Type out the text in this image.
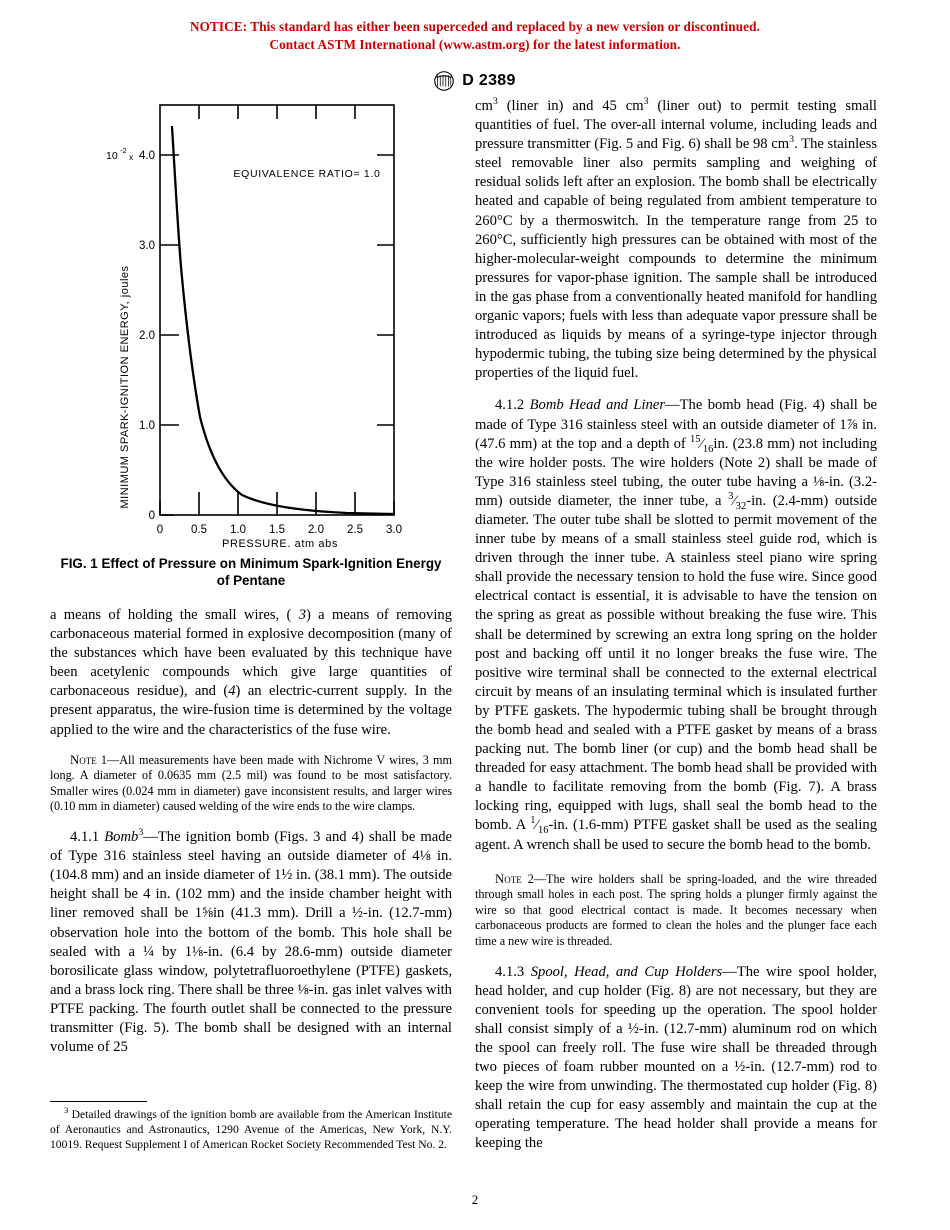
NOTICE: This standard has either been superceded and replaced by a new version or discontinued.
Contact ASTM International (www.astm.org) for the latest information.
D 2389
0
1.0
2.0
3.0
4.0
10 -2
x
0 0.5 1.0 1.5 2.0 2.5 3.0
PRESSURE, atm abs
MINIMUM SPARK-IGNITION ENERGY, joules
EQUIVALENCE RATIO= 1.0
FIG. 1 Effect of Pressure on Minimum Spark-Ignition Energy of Pentane

a means of holding the small wires, ( 3) a means of removing carbonaceous material formed in explosive decomposition (many of the substances which have been evaluated by this technique have been acetylenic compounds which give large quantities of carbonaceous residue), and (4) an electric-current supply. In the present apparatus, the wire-fusion time is determined by the voltage applied to the wire and the characteristics of the fuse wire.

Note 1—All measurements have been made with Nichrome V wires, 3 mm long. A diameter of 0.0635 mm (2.5 mil) was found to be most satisfactory. Smaller wires (0.024 mm in diameter) gave inconsistent results, and larger wires (0.10 mm in diameter) caused welding of the wire ends to the wire clamps.

4.1.1 Bomb$^3$—The ignition bomb (Figs. 3 and 4) shall be made of Type 316 stainless steel having an outside diameter of 4⅛ in. (104.8 mm) and an inside diameter of 1½ in. (38.1 mm). The outside height shall be 4 in. (102 mm) and the inside chamber height with liner removed shall be 1⅝in (41.3 mm). Drill a ½-in. (12.7-mm) observation hole into the bottom of the bomb. This hole shall be sealed with a ¼ by 1⅛-in. (6.4 by 28.6-mm) outside diameter borosilicate glass window, polytetrafluoroethylene (PTFE) gaskets, and a brass lock ring. There shall be three ⅛-in. gas inlet valves with PTFE packing. The fourth outlet shall be connected to the pressure transmitter (Fig. 5). The bomb shall be designed with an internal volume of 25

$^3$ Detailed drawings of the ignition bomb are available from the American Institute of Aeronautics and Astronautics, 1290 Avenue of the Americas, New York, N.Y. 10019. Request Supplement I of American Rocket Society Recommended Test No. 2.

$cm^3$ (liner in) and 45 $cm^3$ (liner out) to permit testing small quantities of fuel. The over-all internal volume, including leads and pressure transmitter (Fig. 5 and Fig. 6) shall be 98 $cm^3$. The stainless steel removable liner also permits sampling and weighing of residual solids left after an explosion. The bomb shall be electrically heated and capable of being regulated from ambient temperature to 260°C by a thermoswitch. In the temperature range from 25 to 260°C, sufficiently high pressures can be obtained with most of the higher-molecular-weight compounds to determine the minimum pressures for vapor-phase ignition. The sample shall be introduced in the gas phase from a conventionally heated manifold for handling organic vapors; fuels with less than adequate vapor pressure shall be introduced as liquids by means of a syringe-type injector through hypodermic tubing, the tubing size being determined by the physical properties of the liquid fuel.

4.1.2 Bomb Head and Liner—The bomb head (Fig. 4) shall be made of Type 316 stainless steel with an outside diameter of 1⅞ in. (47.6 mm) at the top and a depth of $^{15}⁄_{16}in$. (23.8 mm) not including the wire holder posts. The wire holders (Note 2) shall be made of Type 316 stainless steel tubing, the outer tube having a ⅛-in. (3.2-mm) outside diameter, the inner tube, a $^3⁄_{32}-in$. (2.4-mm) outside diameter. The outer tube shall be slotted to permit movement of the inner tube by means of a small stainless steel guide rod, which is driven through the inner tube. A stainless steel piano wire spring shall provide the necessary tension to hold the fuse wire. Since good electrical contact is essential, it is advisable to have the tension on the spring as great as possible without breaking the fuse wire. This shall be determined by screwing an extra long spring on the holder post and backing off until it no longer breaks the fuse wire. The positive wire terminal shall be connected to the external electrical circuit by means of an insulating terminal which is insulated further by PTFE gaskets. The hypodermic tubing shall be brought through the bomb head and sealed with a PTFE gasket by means of a brass packing nut. The bomb liner (or cup) and the bomb head shall be threaded for easy attachment. The bomb head shall be provided with a handle to facilitate removing from the bomb (Fig. 7). A brass locking ring, equipped with lugs, shall seal the bomb head to the bomb. A $^1⁄_{16}-in$. (1.6-mm) PTFE gasket shall be used as the sealing agent. A wrench shall be used to secure the bomb head to the bomb.

Note 2—The wire holders shall be spring-loaded, and the wire threaded through small holes in each post. The spring holds a plunger firmly against the wire so that good electrical contact is made. It becomes necessary when carbonaceous products are formed to clean the holes and the plunger face each time a new wire is threaded.

4.1.3 Spool, Head, and Cup Holders—The wire spool holder, head holder, and cup holder (Fig. 8) are not necessary, but they are convenient tools for speeding up the operation. The spool holder shall consist simply of a ½-in. (12.7-mm) aluminum rod on which the spool can freely roll. The fuse wire shall be threaded through two pieces of foam rubber mounted on a ½-in. (12.7-mm) rod to keep the wire from unwinding. The thermostated cup holder (Fig. 8) shall retain the cup for easy assembly and maintain the cup at the operating temperature. The head holder shall provide a means for keeping the

2
